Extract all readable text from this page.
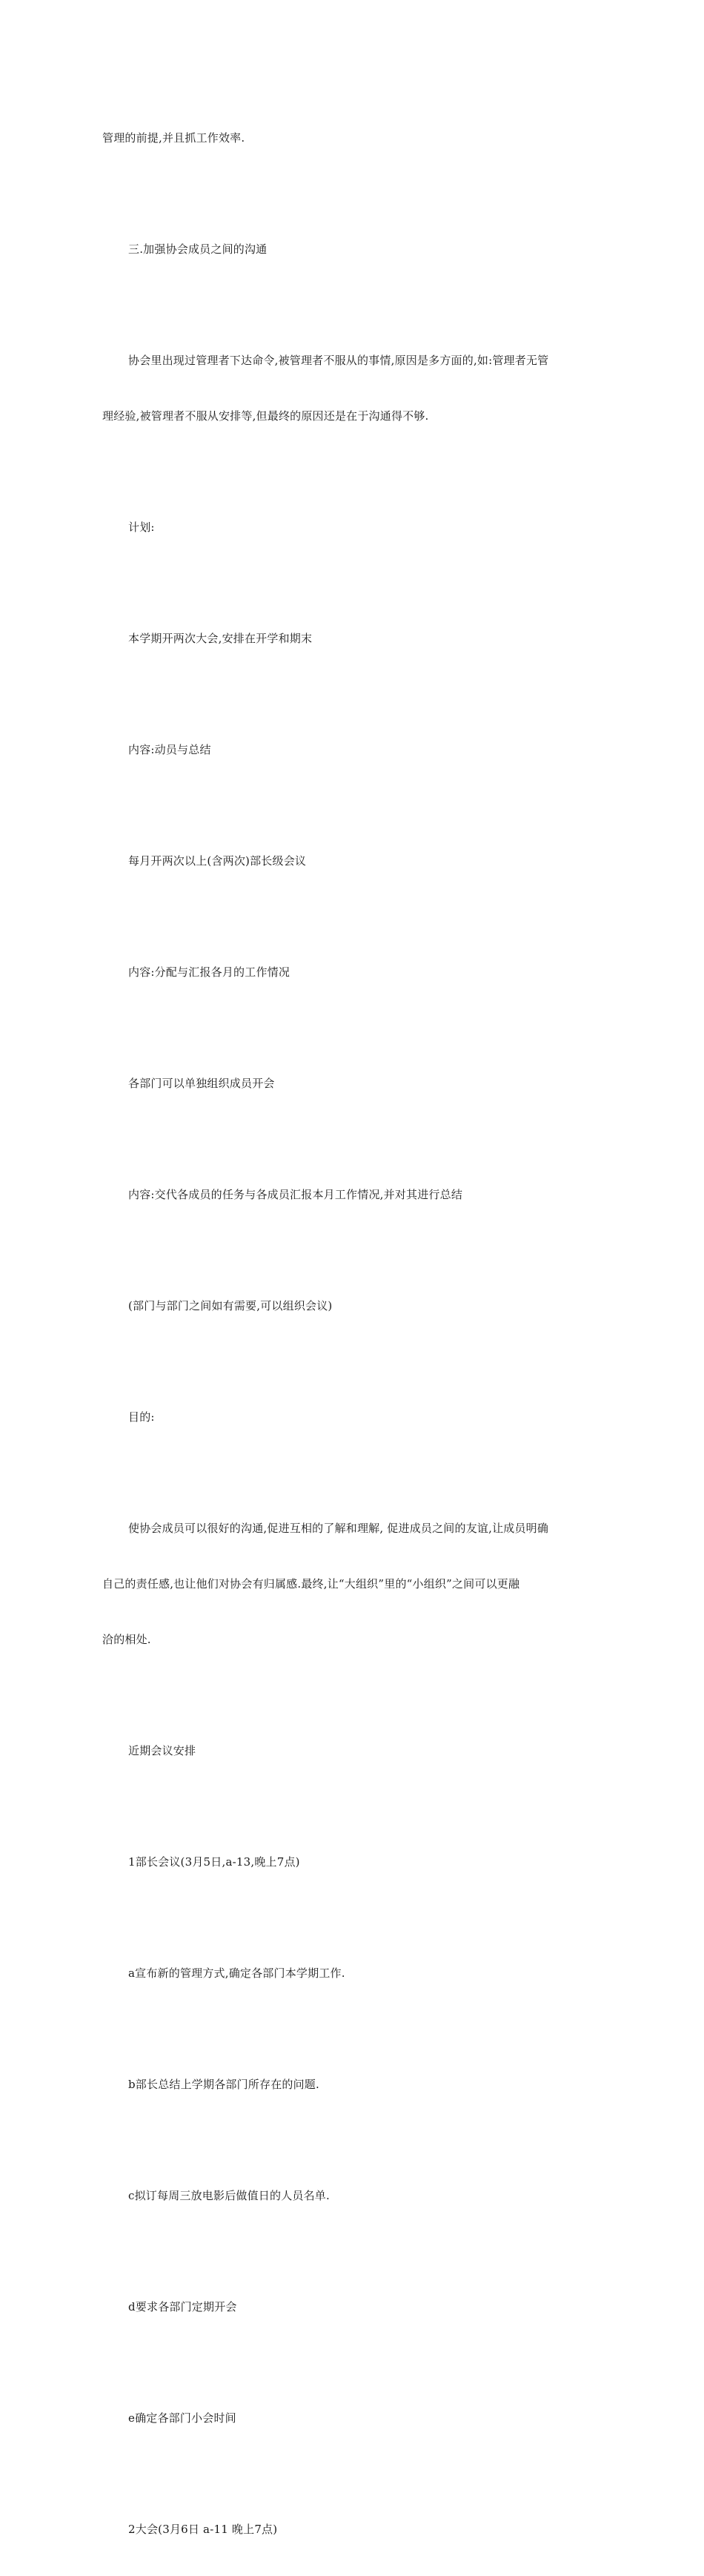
管理的前提,并且抓工作效率.

三.加强协会成员之间的沟通

协会里出现过管理者下达命令,被管理者不服从的事情,原因是多方面的,如:管理者无管

理经验,被管理者不服从安排等,但最终的原因还是在于沟通得不够.

计划:

本学期开两次大会,安排在开学和期末

内容:动员与总结

每月开两次以上(含两次)部长级会议

内容:分配与汇报各月的工作情况

各部门可以单独组织成员开会

内容:交代各成员的任务与各成员汇报本月工作情况,并对其进行总结

(部门与部门之间如有需要,可以组织会议)

目的:

使协会成员可以很好的沟通,促进互相的了解和理解, 促进成员之间的友谊,让成员明确

自己的责任感,也让他们对协会有归属感.最终,让“大组织”里的“小组织”之间可以更融

洽的相处.

近期会议安排

1部长会议(3月5日,a-13,晚上7点)

a宣布新的管理方式,确定各部门本学期工作.

b部长总结上学期各部门所存在的问题.

c拟订每周三放电影后做值日的人员名单.

d要求各部门定期开会

e确定各部门小会时间

2大会(3月6日 a-11 晚上7点)
